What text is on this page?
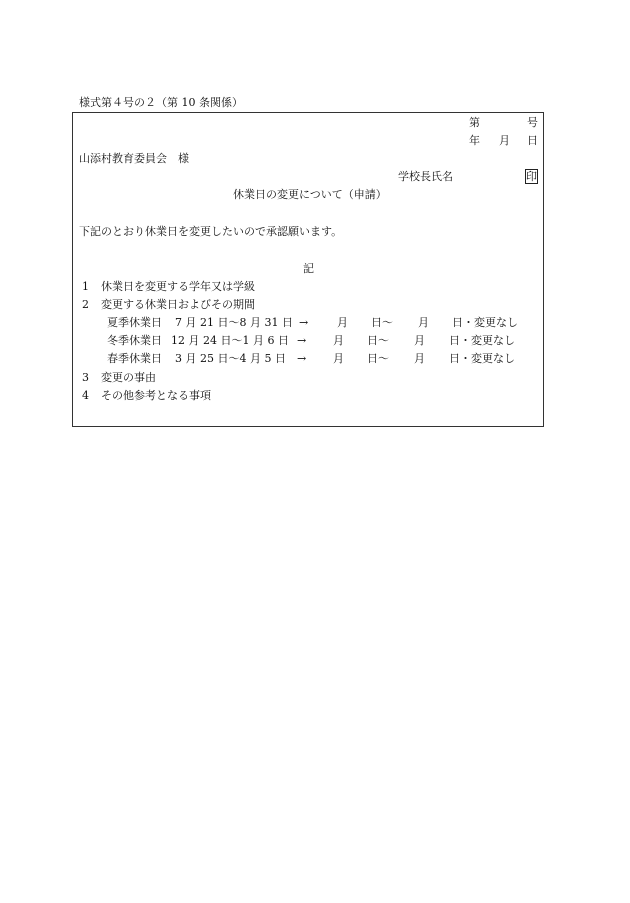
様式第４号の２（第 10 条関係）
第	号
年 月 日
山添村教育委員会　様
学校長氏名	印
休業日の変更について（申請）
下記のとおり休業日を変更したいので承認願います。
記
1 休業日を変更する学年又は学級
2 変更する休業日およびその期間
夏季休業日 7 月 21 日～8 月 31 日 →	月 日～ 月 日・変更なし
冬季休業日 12 月 24 日～1 月 6 日 → 月 日～ 月 日・変更なし
春季休業日 3 月 25 日～4 月 5 日 → 月 日～ 月 日・変更なし
3 変更の事由
4 その他参考となる事項
